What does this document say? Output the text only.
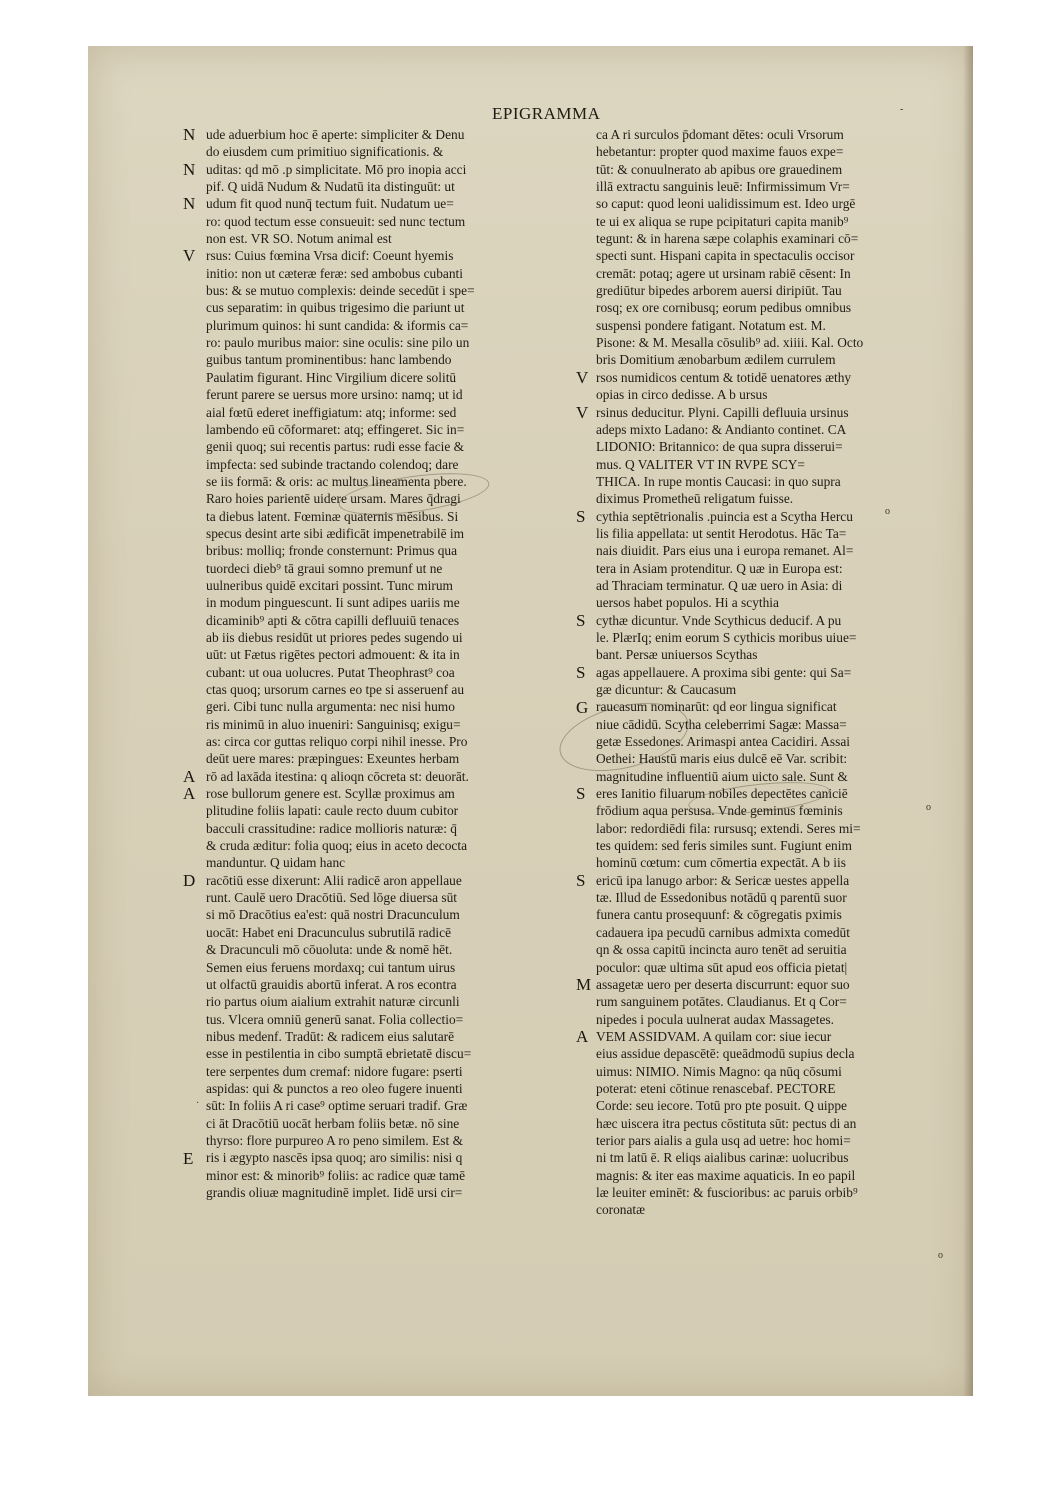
EPIGRAMMA
ude aduerbium hoc ē aperte: simpliciter & Denu
N
do eiusdem cum primitiuo significationis. &
uditas: qd mō .p simplicitate. Mō pro inopia acci
N
pif. Q uidā Nudum & Nudatū ita distinguūt: ut
udum fit quod nunq̄ tectum fuit. Nudatum ue=
N
ro: quod tectum esse consueuit: sed nunc tectum
non est. VR SO. Notum animal est
rsus: Cuius fœmina Vrsa dicif: Coeunt hyemis
V
initio: non ut cæteræ feræ: sed ambobus cubanti
bus: & se mutuo complexis: deinde secedūt i spe=
cus separatim: in quibus trigesimo die pariunt ut
plurimum quinos: hi sunt candida: & iformis ca=
ro: paulo muribus maior: sine oculis: sine pilo un
guibus tantum prominentibus: hanc lambendo
Paulatim figurant. Hinc Virgilium dicere solitū
ferunt parere se uersus more ursino: namq; ut id
aial fœtū ederet ineffigiatum: atq; informe: sed
lambendo eū cōformaret: atq; effingeret. Sic in=
genii quoq; sui recentis partus: rudi esse facie &
impfecta: sed subinde tractando colendoq; dare
se iis formā: & oris: ac multus lineamenta pbere.
Raro hoies parientē uidere ursam. Mares q̄dragi
ta diebus latent. Fœminæ quaternis mēsibus. Si
specus desint arte sibi ædificāt impenetrabilē im
bribus: molliq; fronde consternunt: Primus qua
tuordeci dieb⁹ tā graui somno premunf ut ne
uulneribus quidē excitari possint. Tunc mirum
in modum pinguescunt. Ii sunt adipes uariis me
dicaminib⁹ apti & cōtra capilli defluuiū tenaces
ab iis diebus residūt ut priores pedes sugendo ui
uūt: ut Fætus rigētes pectori admouent: & ita in
cubant: ut oua uolucres. Putat Theophrast⁹ coa
ctas quoq; ursorum carnes eo tpe si asseruenf au
geri. Cibi tunc nulla argumenta: nec nisi humo
ris minimū in aluo inueniri: Sanguinisq; exigu=
as: circa cor guttas reliquo corpi nihil inesse. Pro
deūt uere mares: præpingues: Exeuntes herbam
rō ad laxāda itestina: q alioqn cōcreta st: deuorāt.
A
rose bullorum genere est. Scyllæ proximus am
A
plitudine foliis lapati: caule recto duum cubitor
bacculi crassitudine: radice mollioris naturæ: q̄
& cruda æditur: folia quoq; eius in aceto decocta
manduntur. Q uidam hanc
racōtiū esse dixerunt: Alii radicē aron appellaue
D
runt. Caulē uero Dracōtiū. Sed lōge diuersa sūt
si mō Dracōtius ea'est: quā nostri Dracunculum
uocāt: Habet eni Dracunculus subrutilā radicē
& Dracunculi mō cōuoluta: unde & nomē hēt.
Semen eius feruens mordaxq; cui tantum uirus
ut olfactū grauidis abortū inferat. A ros econtra
rio partus oium aialium extrahit naturæ circunli
tus. Vlcera omniū generū sanat. Folia collectio=
nibus medenf. Tradūt: & radicem eius salutarē
esse in pestilentia in cibo sumptā ebrietatē discu=
tere serpentes dum cremaf: nidore fugare: pserti
aspidas: qui & punctos a reo oleo fugere inuenti
sūt: In foliis A ri case⁹ optime seruari tradif. Græ
ci āt Dracōtiū uocāt herbam foliis betæ. nō sine
thyrso: flore purpureo A ro peno similem. Est &
ris i ægypto nascēs ipsa quoq; aro similis: nisi q
E
minor est: & minorib⁹ foliis: ac radice quæ tamē
grandis oliuæ magnitudinē implet. Iidē ursi cir=
ca A ri surculos p̄domant dētes: oculi Vrsorum
hebetantur: propter quod maxime fauos expe=
tūt: & conuulnerato ab apibus ore grauedinem
illā extractu sanguinis leuē: Infirmissimum Vr=
so caput: quod leoni ualidissimum est. Ideo urgē
te ui ex aliqua se rupe pcipitaturi capita manib⁹
tegunt: & in harena sæpe colaphis examinari cō=
specti sunt. Hispani capita in spectaculis occisor
cremāt: potaq; agere ut ursinam rabiē cēsent: In
grediūtur bipedes arborem auersi diripiūt. Tau
rosq; ex ore cornibusq; eorum pedibus omnibus
suspensi pondere fatigant. Notatum est. M.
Pisone: & M. Mesalla cōsulib⁹ ad. xiiii. Kal. Octo
bris Domitium ænobarbum ædilem currulem
rsos numidicos centum & totidē uenatores æthy
V
opias in circo dedisse. A b ursus
rsinus deducitur. Plyni. Capilli defluuia ursinus
V
adeps mixto Ladano: & Andianto continet. CA
LIDONIO: Britannico: de qua supra disserui=
mus. Q VALITER VT IN RVPE SCY=
THICA. In rupe montis Caucasi: in quo supra
diximus Prometheū religatum fuisse.
cythia septētrionalis .puincia est a Scytha Hercu
S
lis filia appellata: ut sentit Herodotus. Hāc Ta=
nais diuidit. Pars eius una i europa remanet. Al=
tera in Asiam protenditur. Q uæ in Europa est:
ad Thraciam terminatur. Q uæ uero in Asia: di
uersos habet populos. Hi a scythia
cythæ dicuntur. Vnde Scythicus deducif. A pu
S
le. PlærIq; enim eorum S cythicis moribus uiue=
bant. Persæ uniuersos Scythas
agas appellauere. A proxima sibi gente: qui Sa=
S
gæ dicuntur: & Caucasum
raucasum nominarūt: qd eor lingua significat
G
niue cādidū. Scytha celeberrimi Sagæ: Massa=
getæ Essedones. Arimaspi antea Cacidiri. Assai
Oethei: Haustū maris eius dulcē eē Var. scribit:
magnitudine influentiū aium uicto sale. Sunt &
eres Ianitio filuarum nobiles depectētes caniciē
S
frōdium aqua persusa. Vnde geminus fœminis
labor: redordiēdi fila: rursusq; extendi. Seres mi=
tes quidem: sed feris similes sunt. Fugiunt enim
hominū cœtum: cum cōmertia expectāt. A b iis
ericū ipa lanugo arbor: & Sericæ uestes appella
S
tæ. Illud de Essedonibus notādū q parentū suor
funera cantu prosequunf: & cōgregatis pximis
cadauera ipa pecudū carnibus admixta comedūt
qn & ossa capitū incincta auro tenēt ad seruitia
poculor: quæ ultima sūt apud eos officia pietat|
assagetæ uero per deserta discurrunt: equor suo
M
rum sanguinem potātes. Claudianus. Et q Cor=
nipedes i pocula uulnerat audax Massagetes.
VEM ASSIDVAM. A quilam cor: siue iecur
A
eius assidue depascētē: queādmodū supius decla
uimus: NIMIO. Nimis Magno: qa nūq cōsumi
poterat: eteni cōtinue renascebaf. PECTORE
Corde: seu iecore. Totū pro pte posuit. Q uippe
hæc uiscera itra pectus cōstituta sūt: pectus di an
terior pars aialis a gula usq ad uetre: hoc homi=
ni tm latū ē. R eliqs aialibus carinæ: uolucribus
magnis: & iter eas maxime aquaticis. In eo papil
læ leuiter eminēt: & fuscioribus: ac paruis orbib⁹
coronatæ
·
-
o
o
o
